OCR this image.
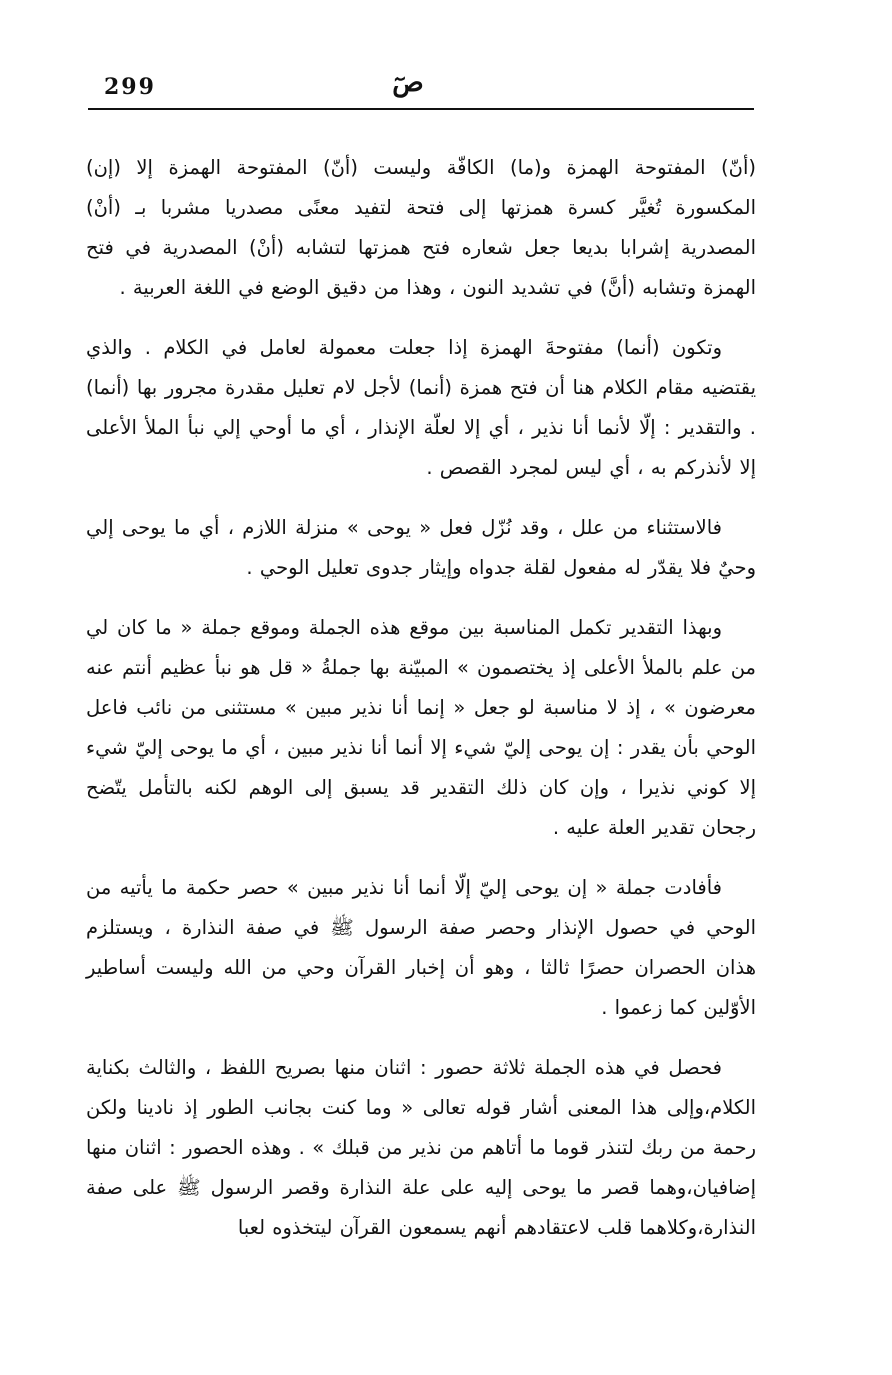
299	صٓ

(أنّ) المفتوحة الهمزة و(ما) الكافّة وليست (أنّ) المفتوحة الهمزة إلا (إن) المكسورة تُغيَّر كسرة همزتها إلى فتحة لتفيد معنًى مصدريا مشربا بـ (أنْ) المصدرية إشرابا بديعا جعل شعاره فتح همزتها لتشابه (أنْ) المصدرية في فتح الهمزة وتشابه (أنَّ) في تشديد النون ، وهذا من دقيق الوضع في اللغة العربية .

وتكون (أنما) مفتوحةَ الهمزة إذا جعلت معمولة لعامل في الكلام . والذي يقتضيه مقام الكلام هنا أن فتح همزة (أنما) لأجل لام تعليل مقدرة مجرور بها (أنما) . والتقدير : إلّا لأنما أنا نذير ، أي إلا لعلّة الإنذار ، أي ما أوحي إلي نبأ الملأ الأعلى إلا لأنذركم به ، أي ليس لمجرد القصص .

فالاستثناء من علل ، وقد نُزّل فعل « يوحى » منزلة اللازم ، أي ما يوحى إلي وحيٌ فلا يقدّر له مفعول لقلة جدواه وإيثار جدوى تعليل الوحي .

وبهذا التقدير تكمل المناسبة بين موقع هذه الجملة وموقع جملة « ما كان لي من علم بالملأ الأعلى إذ يختصمون » المبيّنة بها جملةُ « قل هو نبأ عظيم أنتم عنه معرضون » ، إذ لا مناسبة لو جعل « إنما أنا نذير مبين » مستثنى من نائب فاعل الوحي بأن يقدر : إن يوحى إليّ شيء إلا أنما أنا نذير مبين ، أي ما يوحى إليّ شيء إلا كوني نذيرا ، وإن كان ذلك التقدير قد يسبق إلى الوهم لكنه بالتأمل يتّضح رجحان تقدير العلة عليه .

فأفادت جملة « إن يوحى إليّ إلّا أنما أنا نذير مبين » حصر حكمة ما يأتيه من الوحي في حصول الإنذار وحصر صفة الرسول ﷺ في صفة النذارة ، ويستلزم هذان الحصران حصرًا ثالثا ، وهو أن إخبار القرآن وحي من الله وليست أساطير الأوّلين كما زعموا .

فحصل في هذه الجملة ثلاثة حصور : اثنان منها بصريح اللفظ ، والثالث بكناية الكلام،وإلى هذا المعنى أشار قوله تعالى « وما كنت بجانب الطور إذ نادينا ولكن رحمة من ربك لتنذر قوما ما أتاهم من نذير من قبلك » . وهذه الحصور : اثنان منها إضافيان،وهما قصر ما يوحى إليه على علة النذارة وقصر الرسول ﷺ على صفة النذارة،وكلاهما قلب لاعتقادهم أنهم يسمعون القرآن ليتخذوه لعبا
